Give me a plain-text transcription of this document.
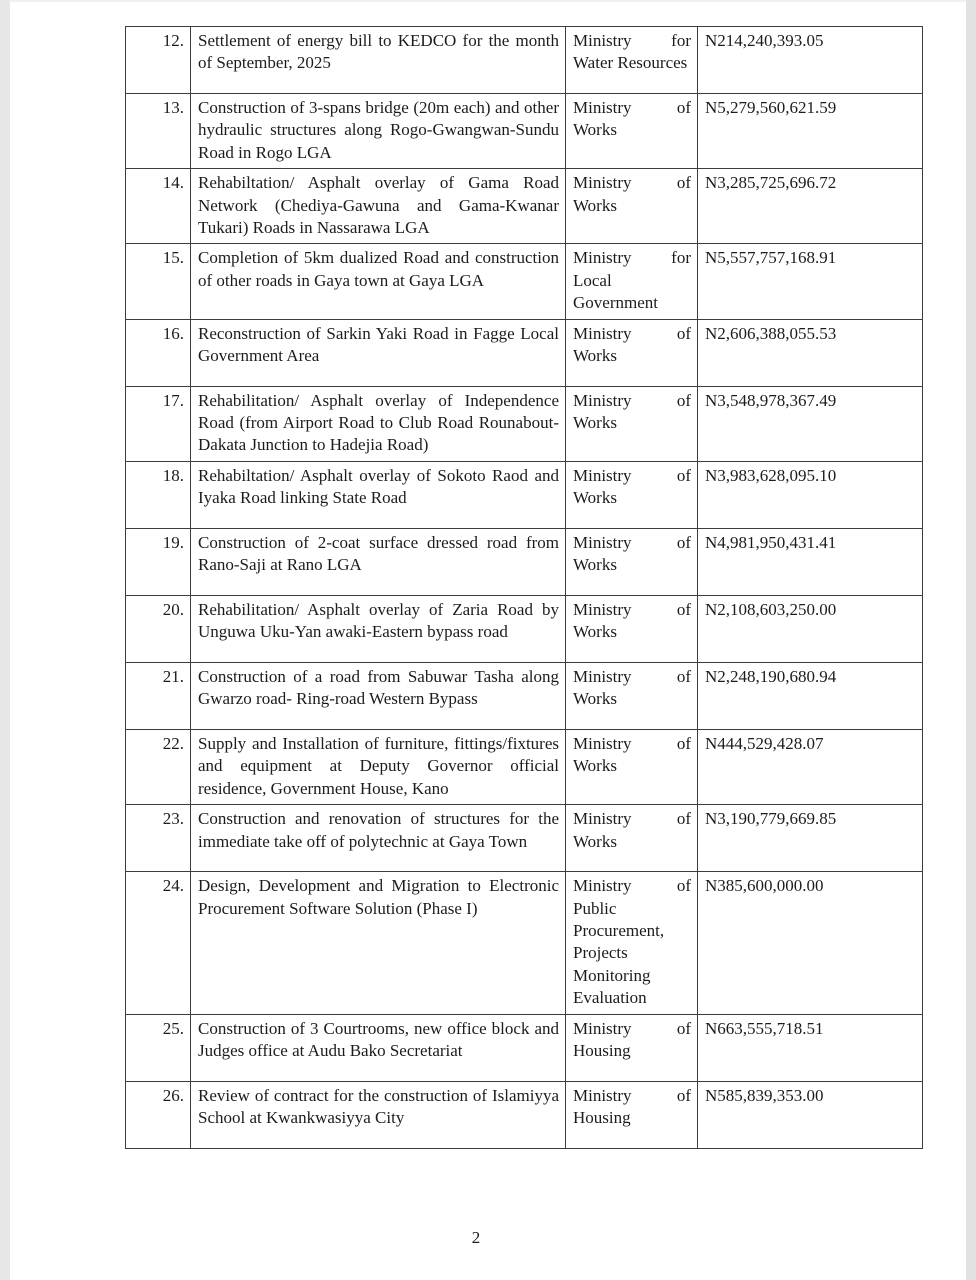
12.	Settlement of energy bill to KEDCO for the month of September, 2025	Ministry for Water Resources	N214,240,393.05
13.	Construction of 3-spans bridge (20m each) and other hydraulic structures along Rogo-Gwangwan-Sundu Road in Rogo LGA	Ministry of Works	N5,279,560,621.59
14.	Rehabiltation/ Asphalt overlay of Gama Road Network (Chediya-Gawuna and Gama-Kwanar Tukari) Roads in Nassarawa LGA	Ministry of Works	N3,285,725,696.72
15.	Completion of 5km dualized Road and construction of other roads in Gaya town at Gaya LGA	Ministry for Local Government	N5,557,757,168.91
16.	Reconstruction of Sarkin Yaki Road in Fagge Local Government Area	Ministry of Works	N2,606,388,055.53
17.	Rehabilitation/ Asphalt overlay of Independence Road (from Airport Road to Club Road Rounabout-Dakata Junction to Hadejia Road)	Ministry of Works	N3,548,978,367.49
18.	Rehabiltation/ Asphalt overlay of Sokoto Raod and Iyaka Road linking State Road	Ministry of Works	N3,983,628,095.10
19.	Construction of 2-coat surface dressed road from Rano-Saji at Rano LGA	Ministry of Works	N4,981,950,431.41
20.	Rehabilitation/ Asphalt overlay of Zaria Road by Unguwa Uku-Yan awaki-Eastern bypass road	Ministry of Works	N2,108,603,250.00
21.	Construction of a road from Sabuwar Tasha along Gwarzo road- Ring-road Western Bypass	Ministry of Works	N2,248,190,680.94
22.	Supply and Installation of furniture, fittings/fixtures and equipment at Deputy Governor official residence, Government House, Kano	Ministry of Works	N444,529,428.07
23.	Construction and renovation of structures for the immediate take off of polytechnic at Gaya Town	Ministry of Works	N3,190,779,669.85
24.	Design, Development and Migration to Electronic Procurement Software Solution (Phase I)	Ministry of Public Procurement, Projects Monitoring Evaluation	N385,600,000.00
25.	Construction of 3 Courtrooms, new office block and Judges office at Audu Bako Secretariat	Ministry of Housing	N663,555,718.51
26.	Review of contract for the construction of Islamiyya School at Kwankwasiyya City	Ministry of Housing	N585,839,353.00
2
